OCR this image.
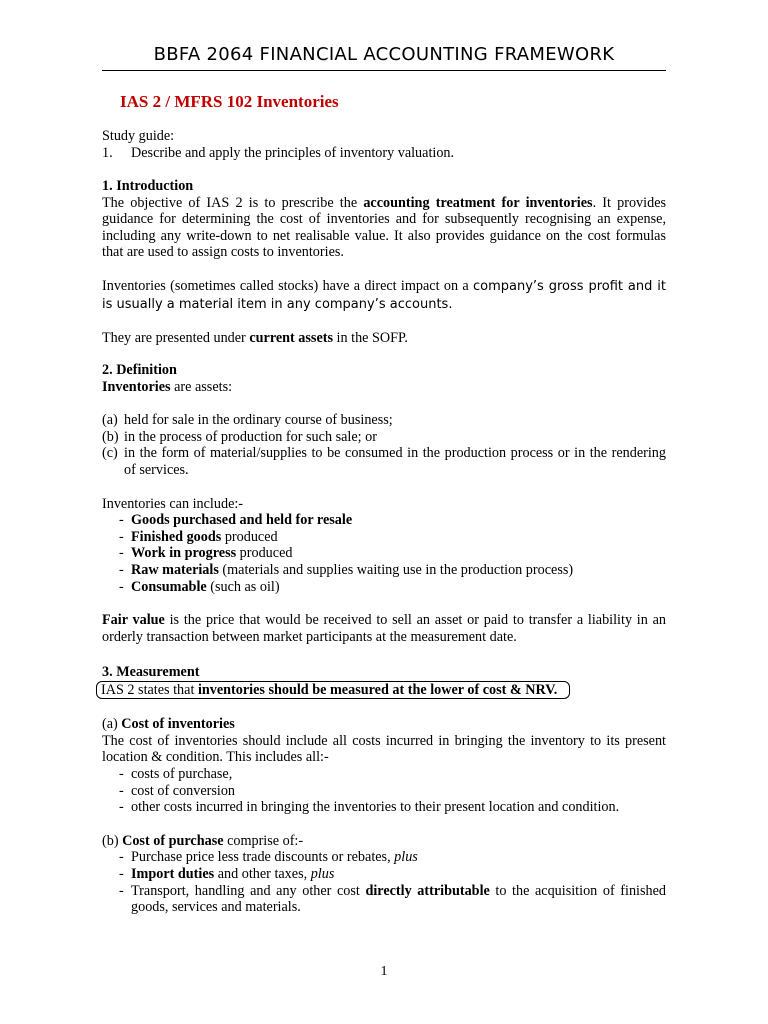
BBFA 2064 FINANCIAL ACCOUNTING FRAMEWORK
IAS 2 / MFRS 102 Inventories
Study guide:
1.	Describe and apply the principles of inventory valuation.
1. Introduction
The objective of IAS 2 is to prescribe the accounting treatment for inventories. It provides guidance for determining the cost of inventories and for subsequently recognising an expense, including any write-down to net realisable value. It also provides guidance on the cost formulas that are used to assign costs to inventories.
Inventories (sometimes called stocks) have a direct impact on a company’s gross profit and it is usually a material item in any company’s accounts.
They are presented under current assets in the SOFP.
2. Definition
Inventories are assets:
(a) held for sale in the ordinary course of business;
(b) in the process of production for such sale; or
(c) in the form of material/supplies to be consumed in the production process or in the rendering of services.
Inventories can include:-
- Goods purchased and held for resale
- Finished goods produced
- Work in progress produced
- Raw materials (materials and supplies waiting use in the production process)
- Consumable (such as oil)
Fair value is the price that would be received to sell an asset or paid to transfer a liability in an orderly transaction between market participants at the measurement date.
3. Measurement
IAS 2 states that inventories should be measured at the lower of cost & NRV.
(a) Cost of inventories
The cost of inventories should include all costs incurred in bringing the inventory to its present location & condition. This includes all:-
- costs of purchase,
- cost of conversion
- other costs incurred in bringing the inventories to their present location and condition.
(b) Cost of purchase comprise of:-
- Purchase price less trade discounts or rebates, plus
- Import duties and other taxes, plus
- Transport, handling and any other cost directly attributable to the acquisition of finished goods, services and materials.
1
